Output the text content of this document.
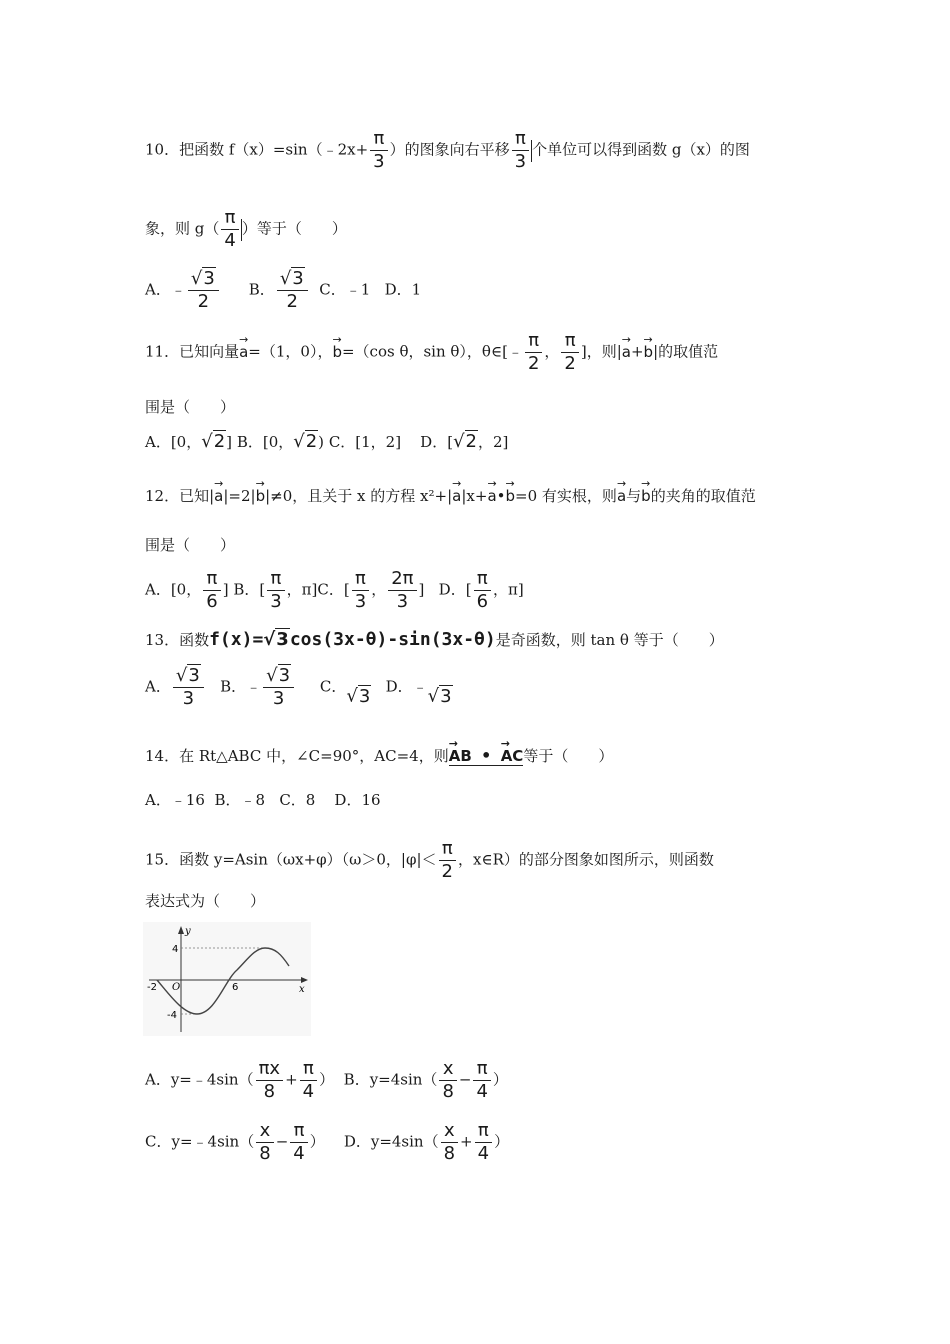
10．把函数 f（x）=sin（﹣2x+ $\frac{\pi}{3}$ ）的图象向右平移 $\frac{\pi}{3}$ 个单位可以得到函数 g（x）的图
象，则 $g( \frac{\pi}{4}$ ）等于（　　）
A．﹣ $\frac{√3}{2}$ B． $\frac{√3}{2}$ C．﹣1 D．1
11．已知向量→ a=（1，0），→ b=（cos θ，sin θ），θ∈[﹣ $\frac{\pi}{2}$ ， $\frac{\pi}{2}$ ]，则|→ a+→ b|的取值范
围是（　　）
A．[0，√2] B．[0，√2) C．[1，2] D．[√2，2]
12．已知|→ a|=2|→ b|≠0，且关于 x 的方程 x²+|→ a|x+→ a•→ b=0 有实根，则→ a与→ b的夹角的取值范
围是（　　）
A．[0， $\frac{\pi}{6}$ ] B．[ $\frac{\pi}{3}$ ，π]C．[ $\frac{\pi}{3}$ ， $\frac{2\pi}{3}$ ] D．[ $\frac{\pi}{6}$ ，π]
13．函数f(x)=√3cos(3x-θ)-sin(3x-θ)是奇函数，则 tan θ 等于（　　）
A． $\frac{√3}{3}$ B．﹣ $\frac{√3}{3}$ C．√3 D．﹣√3
14．在 Rt△ABC 中，∠C=90°，AC=4，则→ AB • → AC等于（　　）
A．﹣16  B．﹣8   C．8    D．16
15．函数 y=Asin（ωx+φ）（ω＞0，$|\varphi|< \frac{\pi}{2}$ ，x∈R）的部分图象如图所示，则函数
表达式为（　　）
y
x
O
4
-4
-2	6
A．y=﹣4sin（ $\frac{\pi x}{8} + \frac{\pi}{4}$ ） B．$y=4\sin( \frac{x}{8} - \frac{\pi}{4}$ ）
C．y=﹣4sin（ $\frac{x}{8} - \frac{\pi}{4}$ ） D．$y=4\sin( \frac{x}{8} + \frac{\pi}{4}$ ）
